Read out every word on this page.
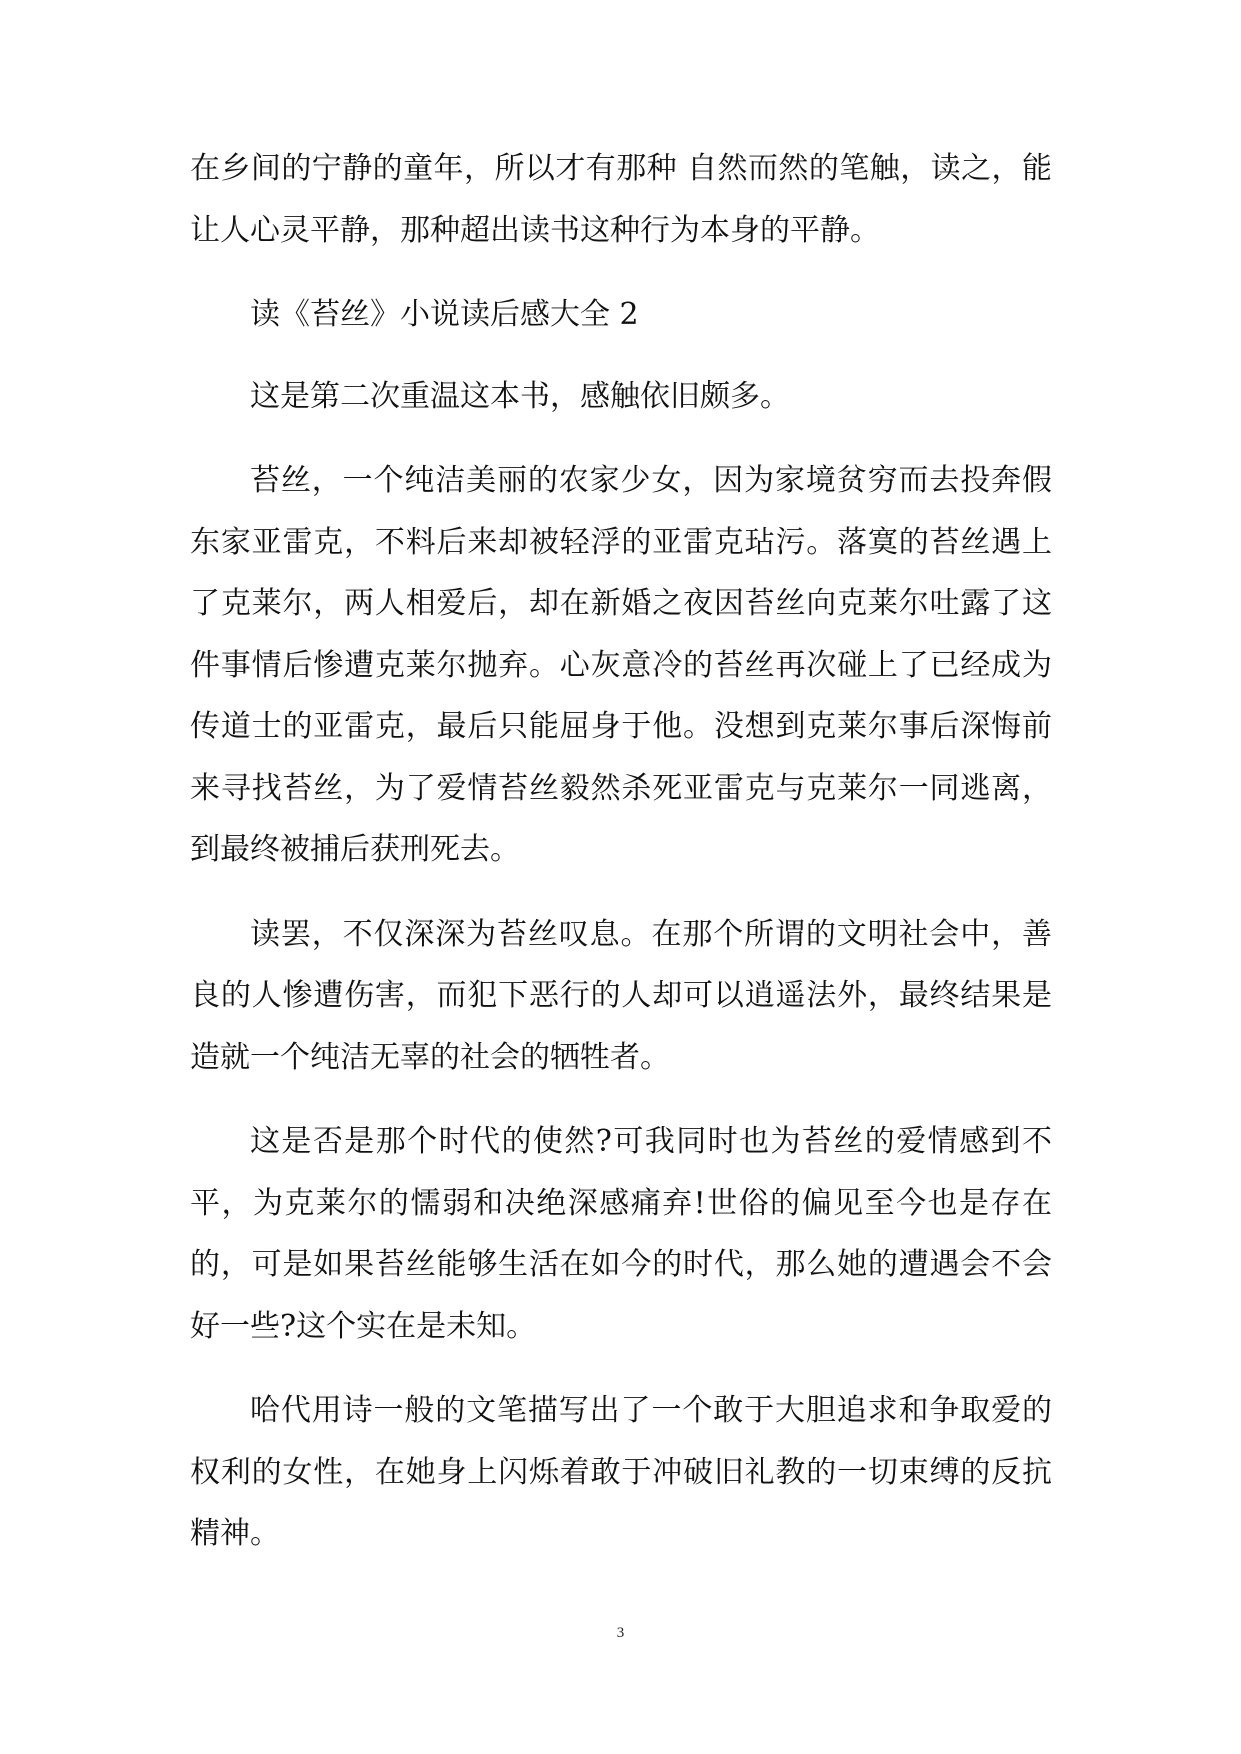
在乡间的宁静的童年，所以才有那种 自然而然的笔触，读之，能让人心灵平静，那种超出读书这种行为本身的平静。

读《苔丝》小说读后感大全 2

这是第二次重温这本书，感触依旧颇多。

苔丝，一个纯洁美丽的农家少女，因为家境贫穷而去投奔假东家亚雷克，不料后来却被轻浮的亚雷克玷污。落寞的苔丝遇上了克莱尔，两人相爱后，却在新婚之夜因苔丝向克莱尔吐露了这件事情后惨遭克莱尔抛弃。心灰意冷的苔丝再次碰上了已经成为传道士的亚雷克，最后只能屈身于他。没想到克莱尔事后深悔前来寻找苔丝，为了爱情苔丝毅然杀死亚雷克与克莱尔一同逃离，到最终被捕后获刑死去。

读罢，不仅深深为苔丝叹息。在那个所谓的文明社会中，善良的人惨遭伤害，而犯下恶行的人却可以逍遥法外，最终结果是造就一个纯洁无辜的社会的牺牲者。

这是否是那个时代的使然?可我同时也为苔丝的爱情感到不平，为克莱尔的懦弱和决绝深感痛弃!世俗的偏见至今也是存在的，可是如果苔丝能够生活在如今的时代，那么她的遭遇会不会好一些?这个实在是未知。

哈代用诗一般的文笔描写出了一个敢于大胆追求和争取爱的权利的女性，在她身上闪烁着敢于冲破旧礼教的一切束缚的反抗精神。

3
